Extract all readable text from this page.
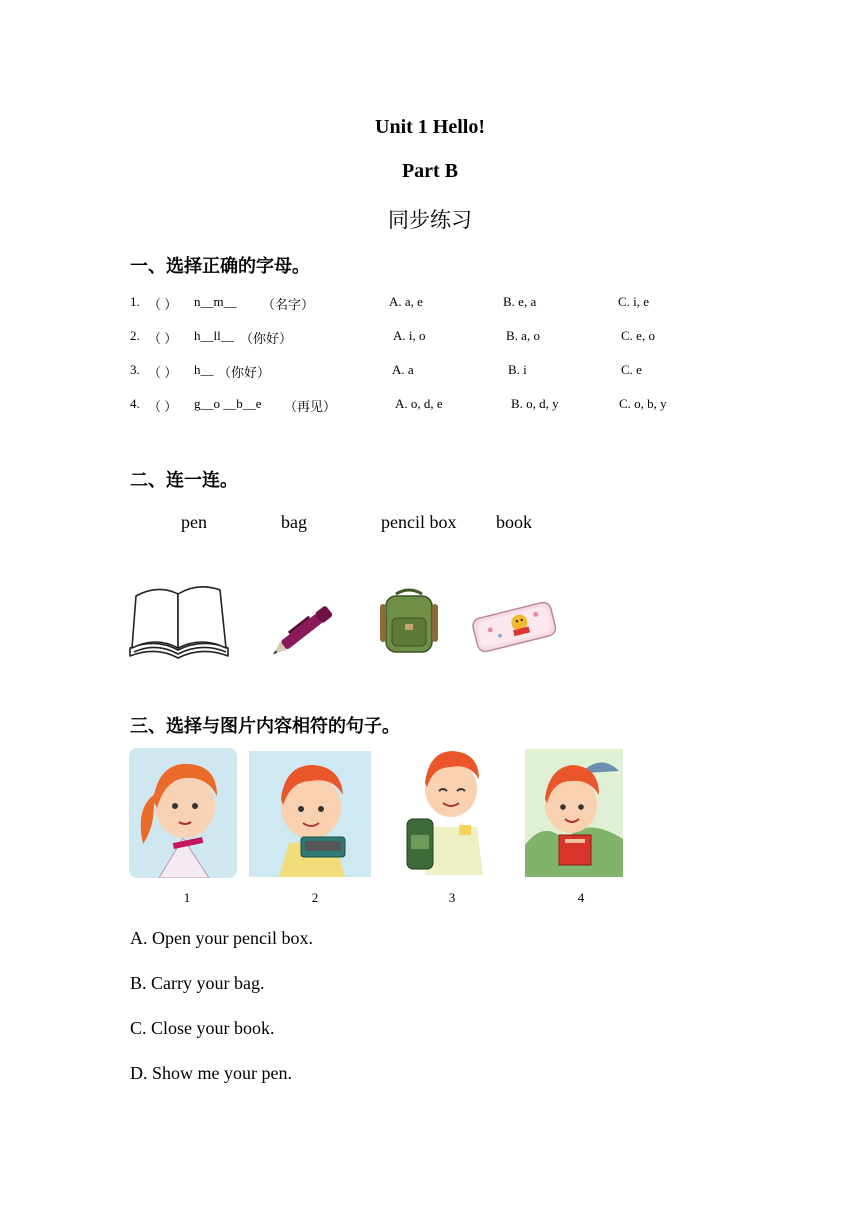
Unit 1 Hello!
Part B
同步练习
一、选择正确的字母。
1. （ ） n__m__ （名字）	A. a, e	B. e, a	C. i, e
2. （ ） h__ll__ （你好）	A. i, o	B. a, o	C. e, o
3. （ ） h__ （你好）	A. a	B. i	C. e
4. （ ） g__o __b__e （再见）	A. o, d, e	B. o, d, y	C. o, b, y
二、连一连。
pen	bag	pencil box book
三、选择与图片内容相符的句子。
1	2	3	4
A. Open your pencil box.
B. Carry your bag.
C. Close your book.
D. Show me your pen.
